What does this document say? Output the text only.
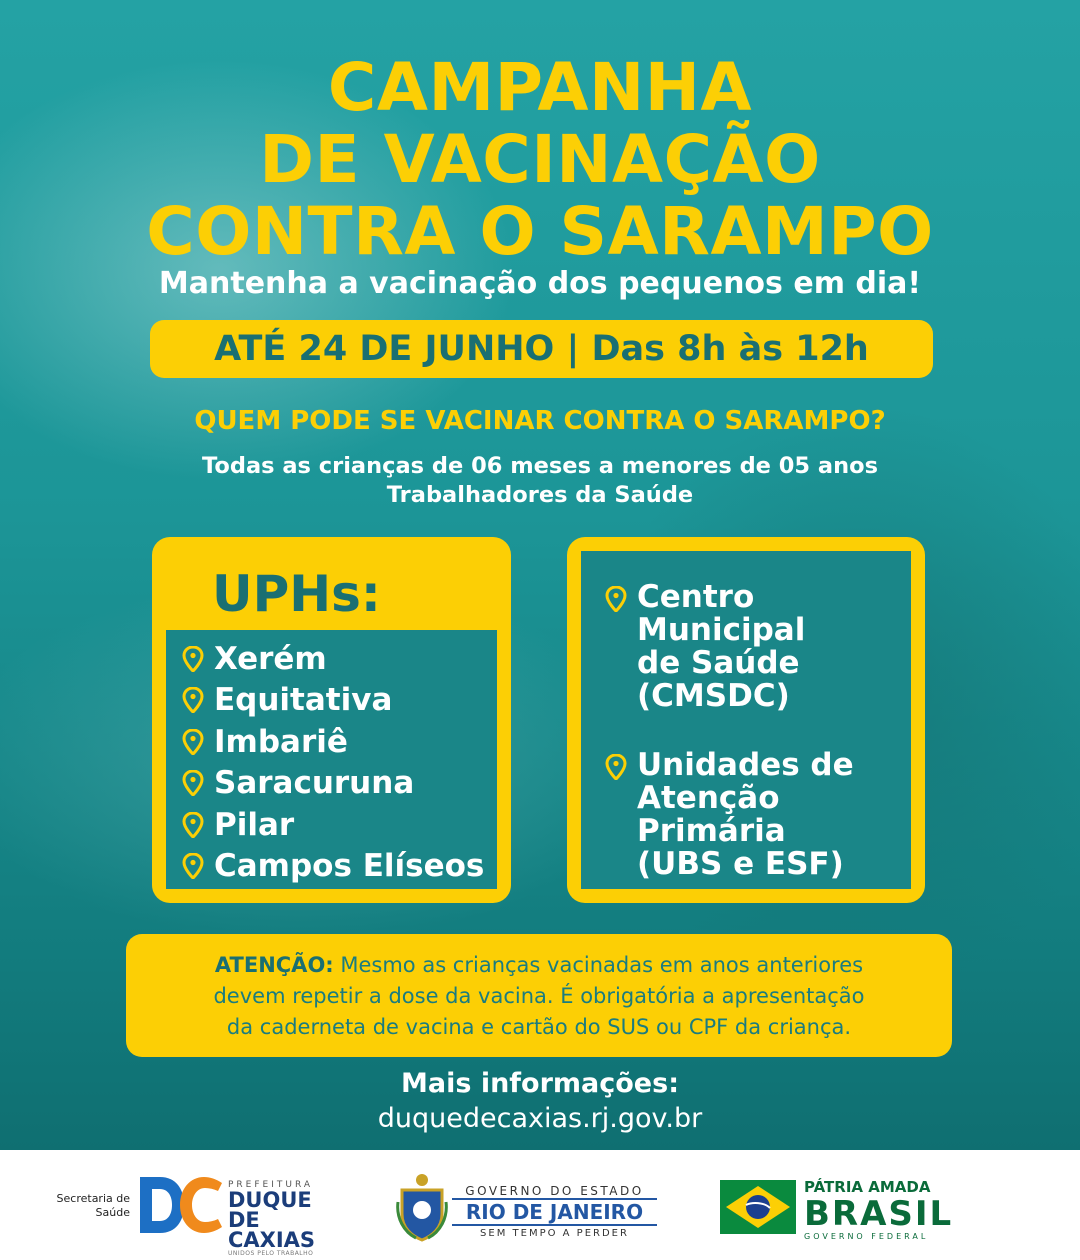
CAMPANHA
DE VACINAÇÃO
CONTRA O SARAMPO
Mantenha a vacinação dos pequenos em dia!
ATÉ 24 DE JUNHO | Das 8h às 12h
QUEM PODE SE VACINAR CONTRA O SARAMPO?
Todas as crianças de 06 meses a menores de 05 anos
Trabalhadores da Saúde
UPHs:
Xerém
Equitativa
Imbariê
Saracuruna
Pilar
Campos Elíseos
Centro
Municipal
de Saúde
(CMSDC)
Unidades de
Atenção
Primária
(UBS e ESF)
ATENÇÃO: Mesmo as crianças vacinadas em anos anteriores
devem repetir a dose da vacina. É obrigatória a apresentação
da caderneta de vacina e cartão do SUS ou CPF da criança.
Mais informações:
duquedecaxias.rj.gov.br
Secretaria de Saúde
PREFEITURA
DUQUE DE
CAXIAS
UNIDOS PELO TRABALHO
GOVERNO DO ESTADO
RIO DE JANEIRO
SEM TEMPO A PERDER
PÁTRIA AMADA
BRASIL
GOVERNO FEDERAL
